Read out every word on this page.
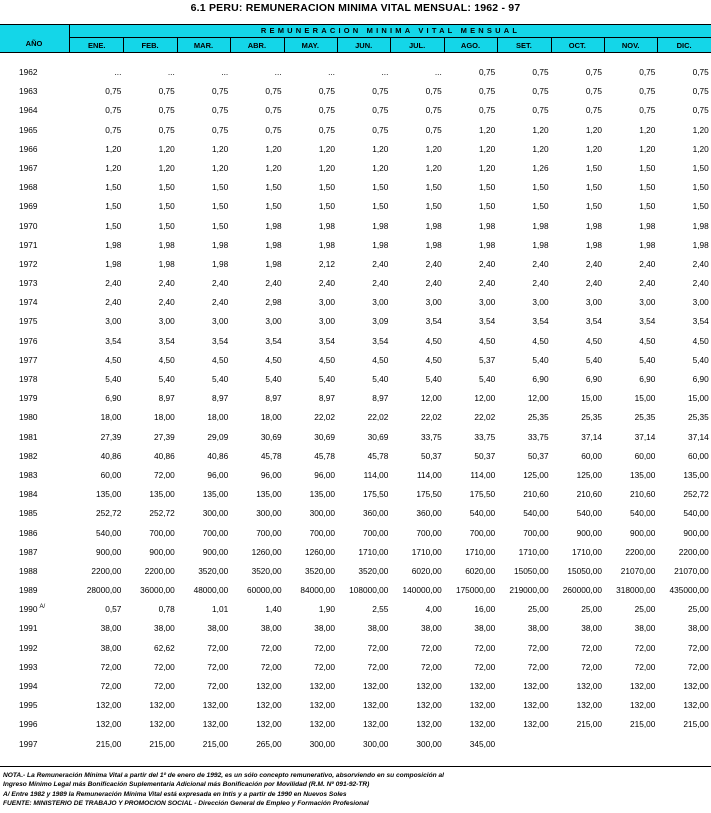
6.1 PERU: REMUNERACION MINIMA VITAL MENSUAL: 1962 - 97
AÑO
REMUNERACION MINIMA VITAL MENSUAL
ENE.	FEB.	MAR.	ABR.	MAY.	JUN.	JUL.	AGO.	SET.	OCT.	NOV.	DIC.
1962	...	...	...	...	...	...	...	0,75	0,75	0,75	0,75	0,75
1963	0,75	0,75	0,75	0,75	0,75	0,75	0,75	0,75	0,75	0,75	0,75	0,75
1964	0,75	0,75	0,75	0,75	0,75	0,75	0,75	0,75	0,75	0,75	0,75	0,75
1965	0,75	0,75	0,75	0,75	0,75	0,75	0,75	1,20	1,20	1,20	1,20	1,20
1966	1,20	1,20	1,20	1,20	1,20	1,20	1,20	1,20	1,20	1,20	1,20	1,20
1967	1,20	1,20	1,20	1,20	1,20	1,20	1,20	1,20	1,26	1,50	1,50	1,50
1968	1,50	1,50	1,50	1,50	1,50	1,50	1,50	1,50	1,50	1,50	1,50	1,50
1969	1,50	1,50	1,50	1,50	1,50	1,50	1,50	1,50	1,50	1,50	1,50	1,50
1970	1,50	1,50	1,50	1,98	1,98	1,98	1,98	1,98	1,98	1,98	1,98	1,98
1971	1,98	1,98	1,98	1,98	1,98	1,98	1,98	1,98	1,98	1,98	1,98	1,98
1972	1,98	1,98	1,98	1,98	2,12	2,40	2,40	2,40	2,40	2,40	2,40	2,40
1973	2,40	2,40	2,40	2,40	2,40	2,40	2,40	2,40	2,40	2,40	2,40	2,40
1974	2,40	2,40	2,40	2,98	3,00	3,00	3,00	3,00	3,00	3,00	3,00	3,00
1975	3,00	3,00	3,00	3,00	3,00	3,09	3,54	3,54	3,54	3,54	3,54	3,54
1976	3,54	3,54	3,54	3,54	3,54	3,54	4,50	4,50	4,50	4,50	4,50	4,50
1977	4,50	4,50	4,50	4,50	4,50	4,50	4,50	5,37	5,40	5,40	5,40	5,40
1978	5,40	5,40	5,40	5,40	5,40	5,40	5,40	5,40	6,90	6,90	6,90	6,90
1979	6,90	8,97	8,97	8,97	8,97	8,97	12,00	12,00	12,00	15,00	15,00	15,00
1980	18,00	18,00	18,00	18,00	22,02	22,02	22,02	22,02	25,35	25,35	25,35	25,35
1981	27,39	27,39	29,09	30,69	30,69	30,69	33,75	33,75	33,75	37,14	37,14	37,14
1982	40,86	40,86	40,86	45,78	45,78	45,78	50,37	50,37	50,37	60,00	60,00	60,00
1983	60,00	72,00	96,00	96,00	96,00	114,00	114,00	114,00	125,00	125,00	135,00	135,00
1984	135,00	135,00	135,00	135,00	135,00	175,50	175,50	175,50	210,60	210,60	210,60	252,72
1985	252,72	252,72	300,00	300,00	300,00	360,00	360,00	540,00	540,00	540,00	540,00	540,00
1986	540,00	700,00	700,00	700,00	700,00	700,00	700,00	700,00	700,00	900,00	900,00	900,00
1987	900,00	900,00	900,00	1260,00	1260,00	1710,00	1710,00	1710,00	1710,00	1710,00	2200,00	2200,00
1988	2200,00	2200,00	3520,00	3520,00	3520,00	3520,00	6020,00	6020,00	15050,00	15050,00	21070,00	21070,00
1989	28000,00	36000,00	48000,00	60000,00	84000,00	108000,00	140000,00	175000,00	219000,00	260000,00	318000,00	435000,00
1990 $^{A/}$	0,57	0,78	1,01	1,40	1,90	2,55	4,00	16,00	25,00	25,00	25,00	25,00
1991	38,00	38,00	38,00	38,00	38,00	38,00	38,00	38,00	38,00	38,00	38,00	38,00
1992	38,00	62,62	72,00	72,00	72,00	72,00	72,00	72,00	72,00	72,00	72,00	72,00
1993	72,00	72,00	72,00	72,00	72,00	72,00	72,00	72,00	72,00	72,00	72,00	72,00
1994	72,00	72,00	72,00	132,00	132,00	132,00	132,00	132,00	132,00	132,00	132,00	132,00
1995	132,00	132,00	132,00	132,00	132,00	132,00	132,00	132,00	132,00	132,00	132,00	132,00
1996	132,00	132,00	132,00	132,00	132,00	132,00	132,00	132,00	132,00	215,00	215,00	215,00
1997	215,00	215,00	215,00	265,00	300,00	300,00	300,00	345,00
NOTA.- La Remuneración Mínima Vital a partir del 1º de enero de 1992, es un sólo concepto remunerativo, absorviendo en su composición al
Ingreso Mínimo Legal más Bonificación Suplementaria Adicional más Bonificación por Movilidad (R.M. Nº 091-92-TR)
A/ Entre 1982 y 1989 la Remuneración Mínima Vital está expresada en Intis y a partir de 1990 en Nuevos Soles
FUENTE: MINISTERIO DE TRABAJO Y PROMOCION SOCIAL - Dirección General de Empleo y Formación Profesional
